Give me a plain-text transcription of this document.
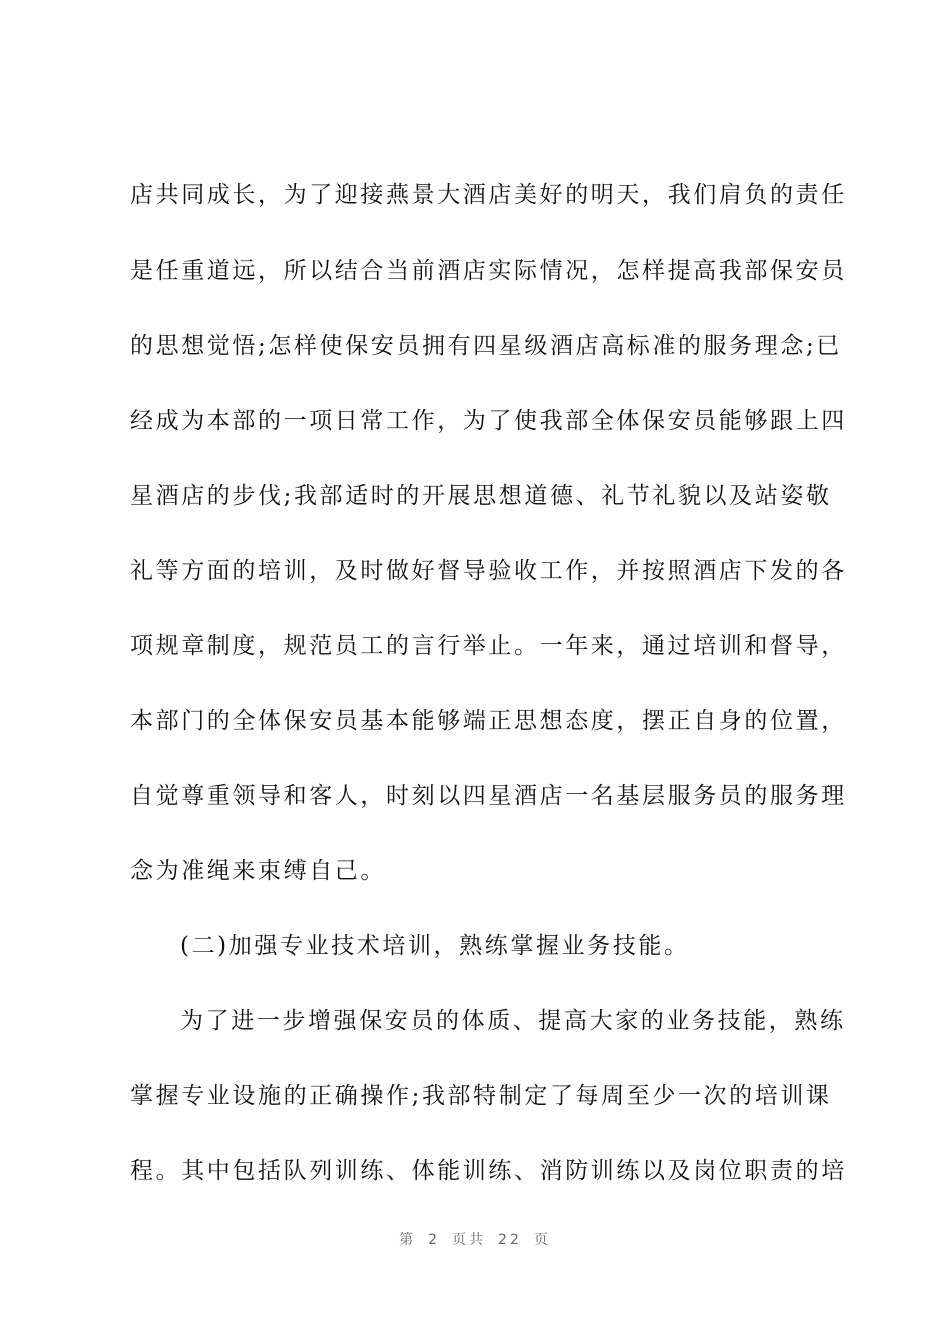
店共同成长，为了迎接燕景大酒店美好的明天，我们肩负的责任
是任重道远，所以结合当前酒店实际情况，怎样提高我部保安员
的思想觉悟;怎样使保安员拥有四星级酒店高标准的服务理念;已
经成为本部的一项日常工作，为了使我部全体保安员能够跟上四
星酒店的步伐;我部适时的开展思想道德、礼节礼貌以及站姿敬
礼等方面的培训，及时做好督导验收工作，并按照酒店下发的各
项规章制度，规范员工的言行举止。一年来，通过培训和督导，
本部门的全体保安员基本能够端正思想态度，摆正自身的位置，
自觉尊重领导和客人，时刻以四星酒店一名基层服务员的服务理
念为准绳来束缚自己。
(二)加强专业技术培训，熟练掌握业务技能。
为了进一步增强保安员的体质、提高大家的业务技能，熟练
掌握专业设施的正确操作;我部特制定了每周至少一次的培训课
程。其中包括队列训练、体能训练、消防训练以及岗位职责的培
第 2 页共 22 页
